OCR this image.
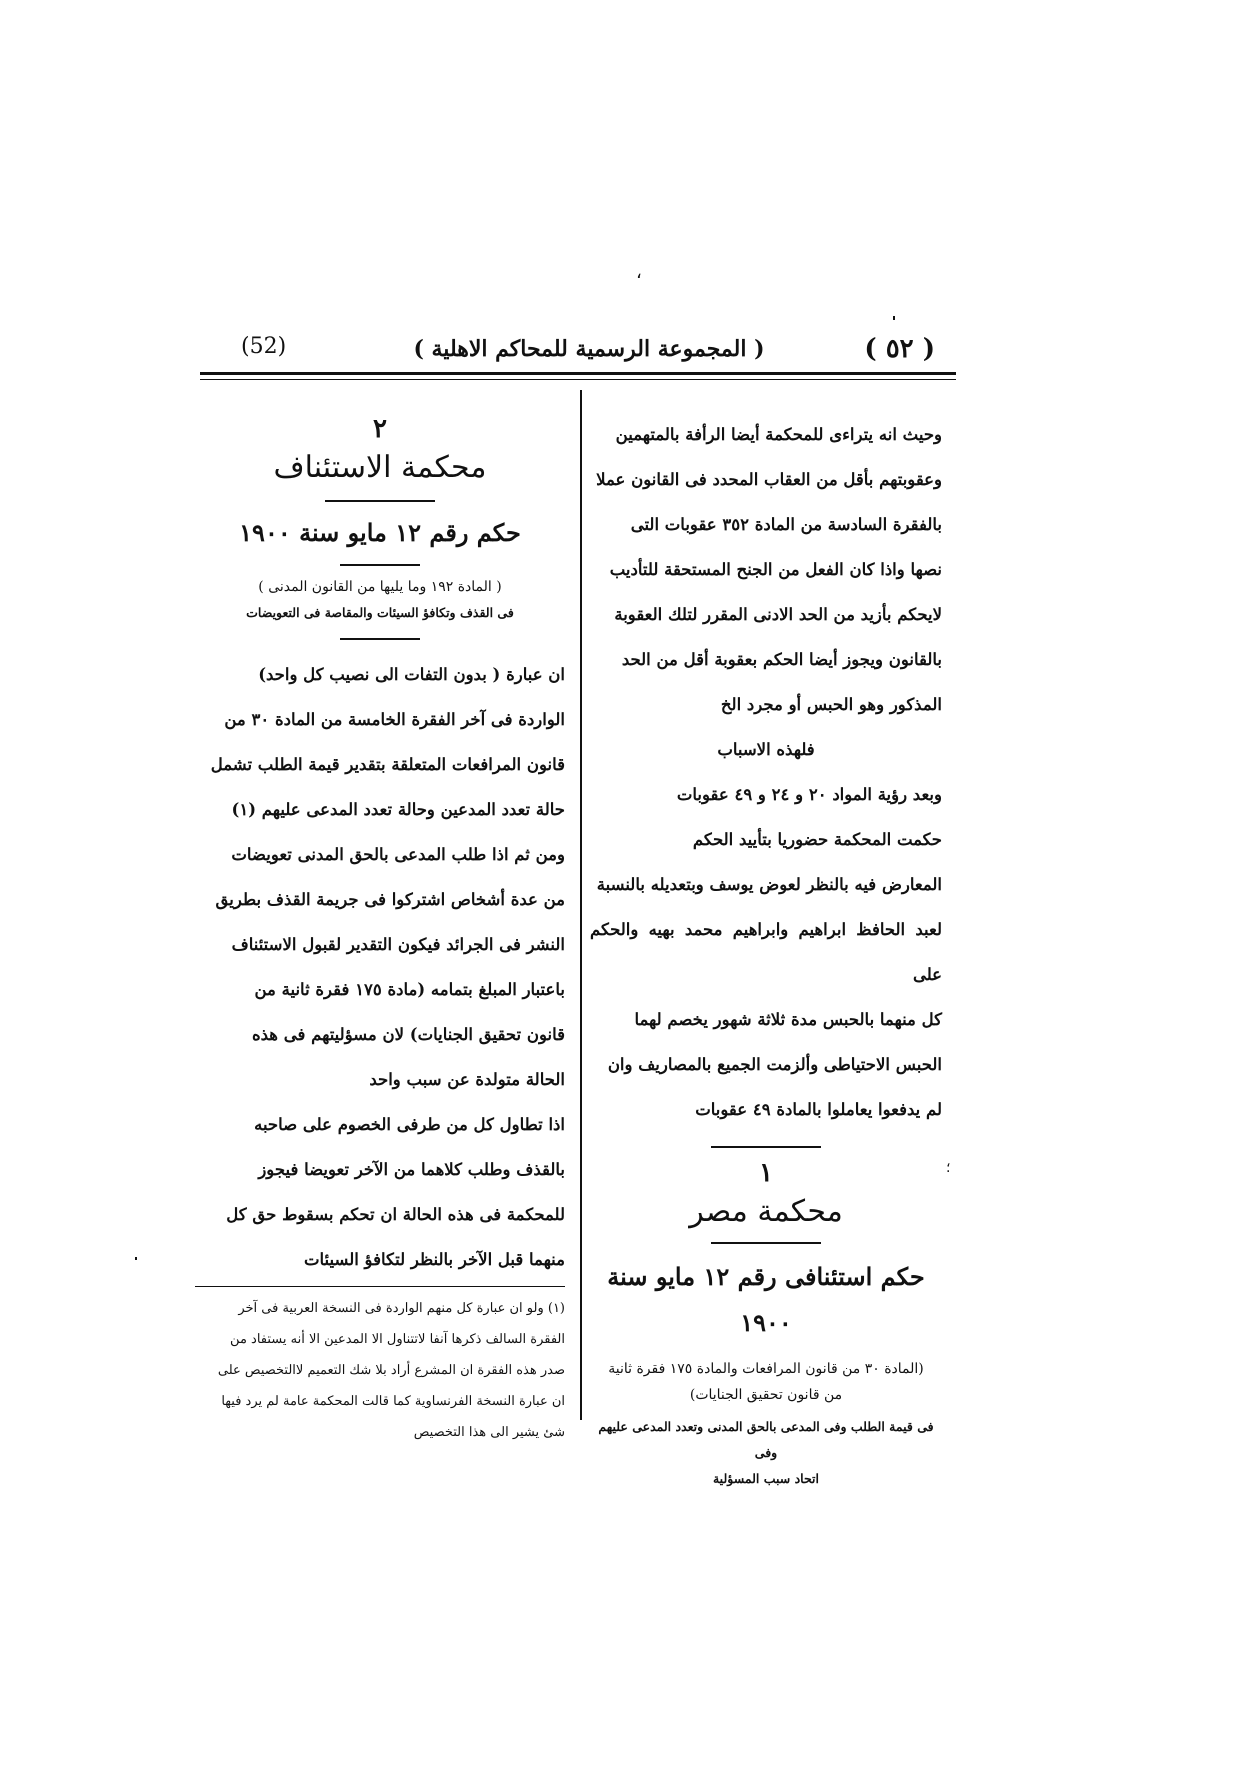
،
( ٥٢ )
( المجموعة الرسمية للمحاكم الاهلية )
(52)
وحيث انه يتراءى للمحكمة أيضا الرأفة بالمتهمين
وعقوبتهم بأقل من العقاب المحدد فى القانون عملا
بالفقرة السادسة من المادة ٣٥٢ عقوبات التى
نصها واذا كان الفعل من الجنح المستحقة للتأديب
لايحكم بأزيد من الحد الادنى المقرر لتلك العقوبة
بالقانون ويجوز أيضا الحكم بعقوبة أقل من الحد
المذكور وهو الحبس أو مجرد الخ
فلهذه الاسباب
وبعد رؤية المواد ٢٠ و ٢٤ و ٤٩ عقوبات
حكمت المحكمة حضوريا بتأييد الحكم
المعارض فيه بالنظر لعوض يوسف وبتعديله بالنسبة
لعبد الحافظ ابراهيم وابراهيم محمد بهيه والحكم على
كل منهما بالحبس مدة ثلاثة شهور يخصم لهما
الحبس الاحتياطى وألزمت الجميع بالمصاريف وان
لم يدفعوا يعاملوا بالمادة ٤٩ عقوبات
١
محكمة مصر
حكم استئنافى رقم ١٢ مايو سنة ١٩٠٠
(المادة ٣٠ من قانون المرافعات والمادة ١٧٥ فقرة ثانية
من قانون تحقيق الجنايات)
فى قيمة الطلب وفى المدعى بالحق المدنى وتعدد المدعى عليهم وفى
اتحاد سبب المسؤلية
٢
محكمة الاستئناف
حكم رقم ١٢ مايو سنة ١٩٠٠
( المادة ١٩٢ وما يليها من القانون المدنى )
فى القذف وتكافؤ السيئات والمقاصة فى التعويضات
ان عبارة ( بدون التفات الى نصيب كل واحد)
الواردة فى آخر الفقرة الخامسة من المادة ٣٠ من
قانون المرافعات المتعلقة بتقدير قيمة الطلب تشمل
حالة تعدد المدعين وحالة تعدد المدعى عليهم (١)
ومن ثم اذا طلب المدعى بالحق المدنى تعويضات
من عدة أشخاص اشتركوا فى جريمة القذف بطريق
النشر فى الجرائد فيكون التقدير لقبول الاستئناف
باعتبار المبلغ بتمامه (مادة ١٧٥ فقرة ثانية من
قانون تحقيق الجنايات) لان مسؤليتهم فى هذه
الحالة متولدة عن سبب واحد
اذا تطاول كل من طرفى الخصوم على صاحبه
بالقذف وطلب كلاهما من الآخر تعويضا فيجوز
للمحكمة فى هذه الحالة ان تحكم بسقوط حق كل
منهما قبل الآخر بالنظر لتكافؤ السيئات
(١) ولو ان عبارة كل منهم الواردة فى النسخة العربية فى آخر
الفقرة السالف ذكرها آنفا لاتتناول الا المدعين الا أنه يستفاد من
صدر هذه الفقرة ان المشرع أراد بلا شك التعميم لاالتخصيص على
ان عبارة النسخة الفرنساوية كما قالت المحكمة عامة لم يرد فيها
شئ يشير الى هذا التخصيص
؛
